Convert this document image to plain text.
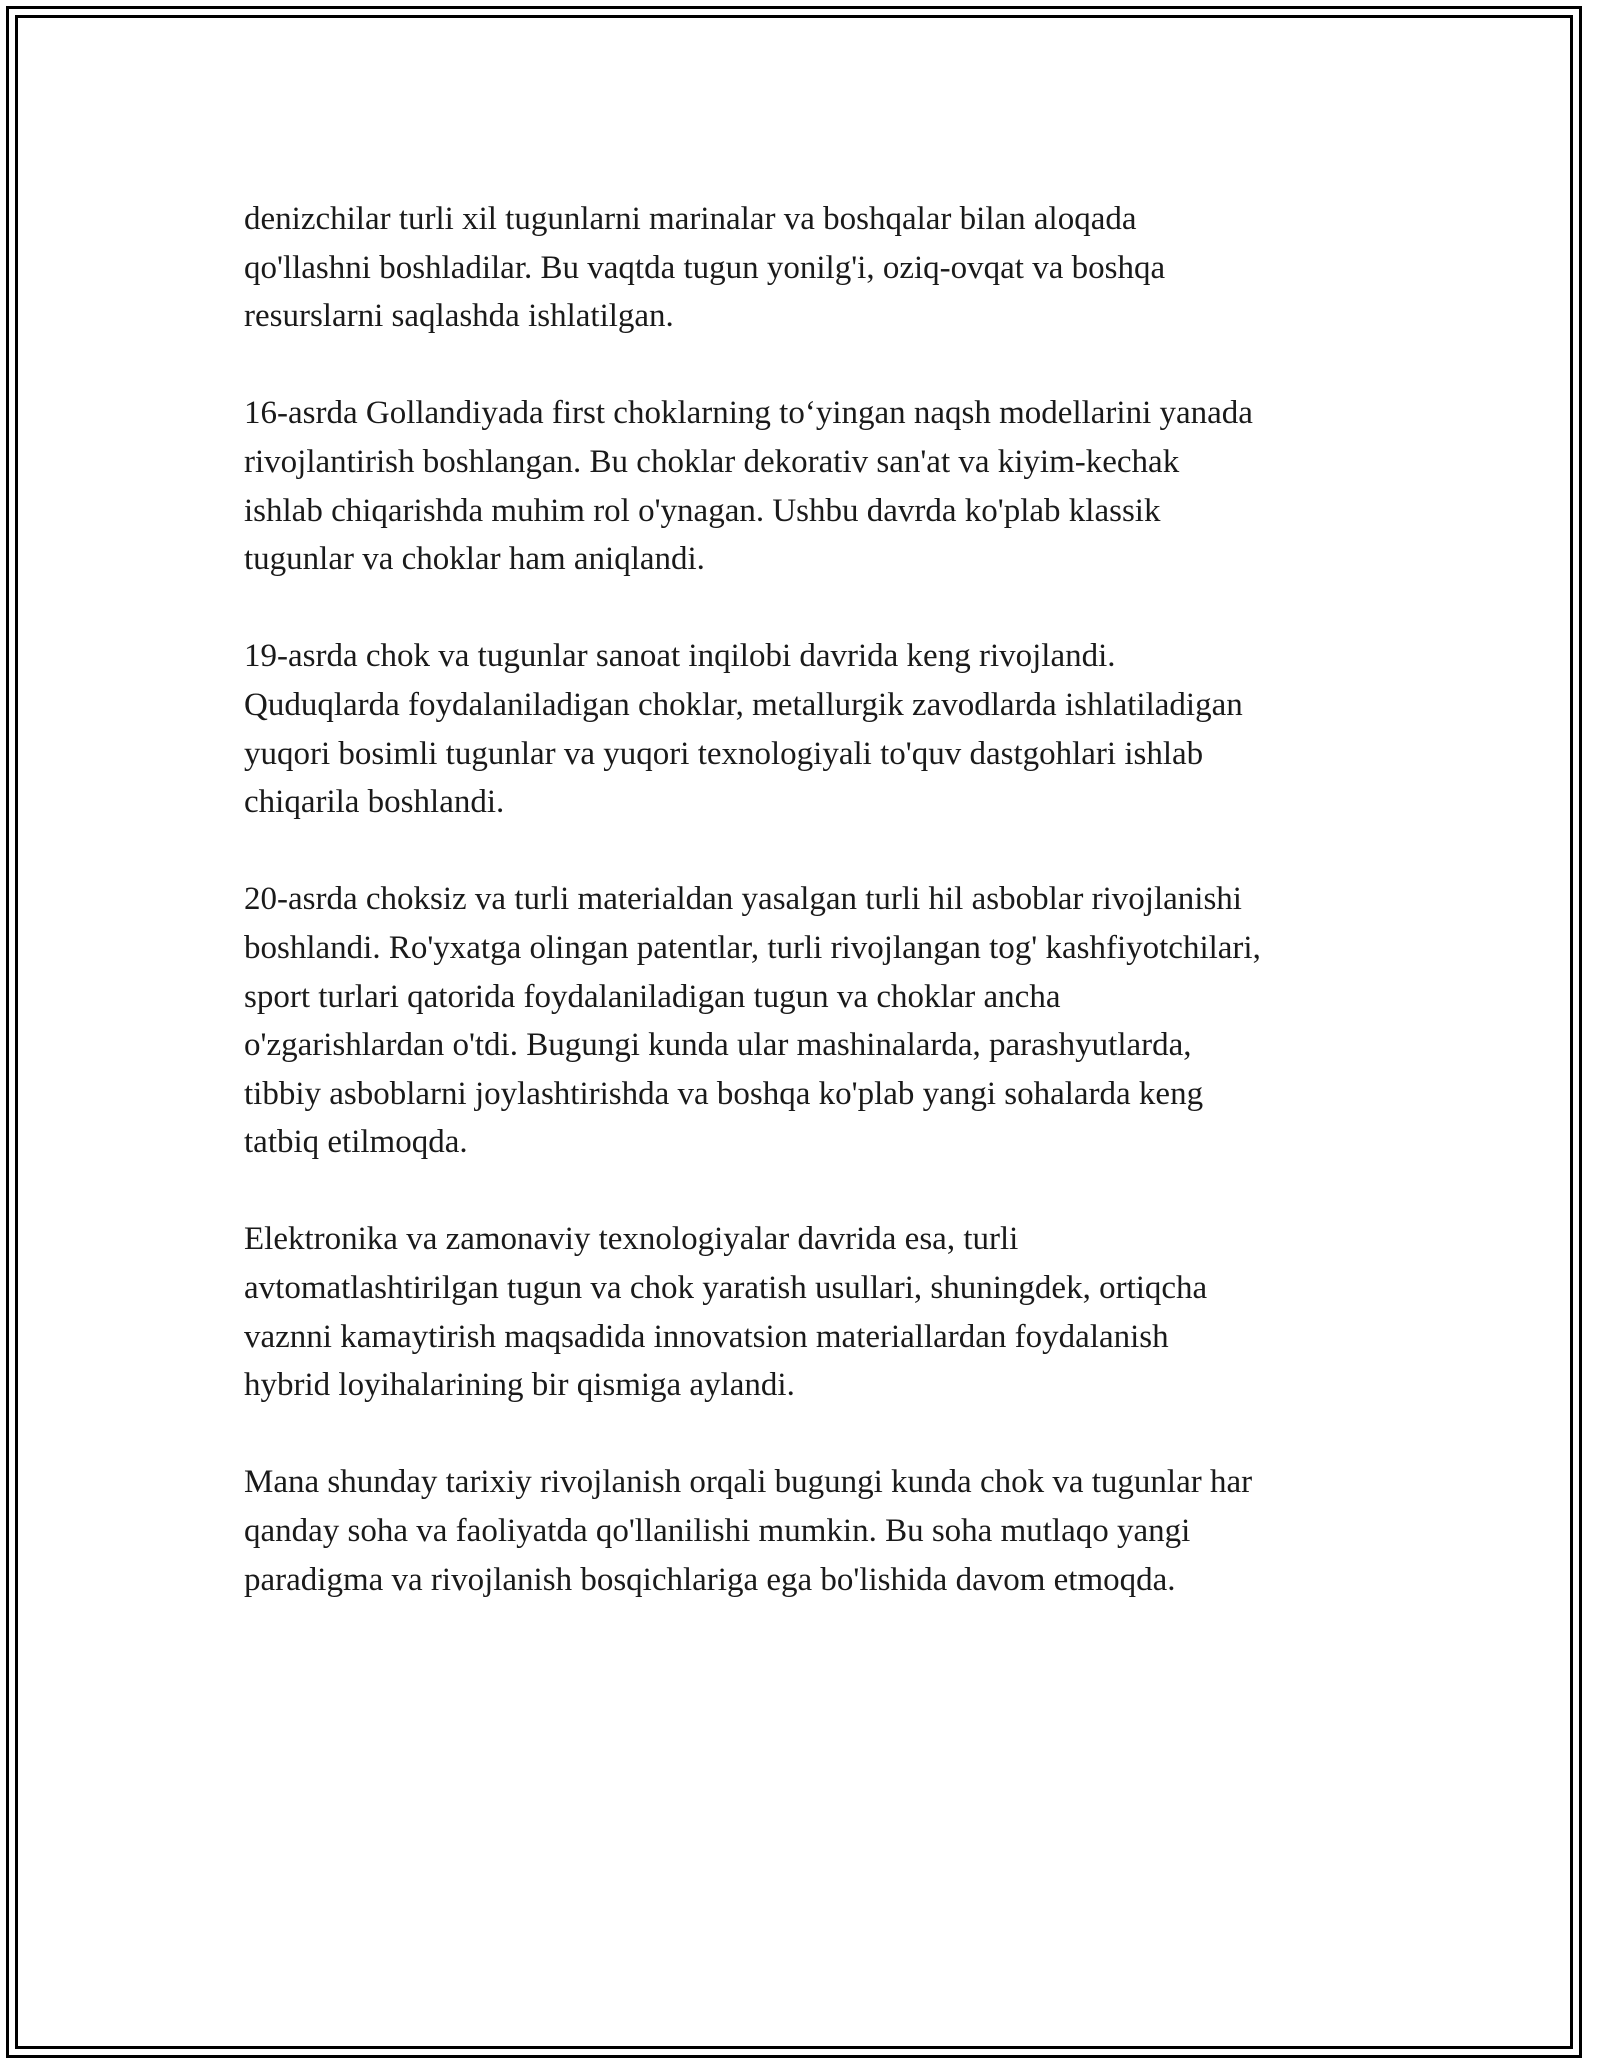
denizchilar turli xil tugunlarni marinalar va boshqalar bilan aloqada
qo'llashni boshladilar. Bu vaqtda tugun yonilg'i, oziq-ovqat va boshqa
resurslarni saqlashda ishlatilgan.

16-asrda Gollandiyada first choklarning to‘yingan naqsh modellarini yanada
rivojlantirish boshlangan. Bu choklar dekorativ san'at va kiyim-kechak
ishlab chiqarishda muhim rol o'ynagan. Ushbu davrda ko'plab klassik
tugunlar va choklar ham aniqlandi.

19-asrda chok va tugunlar sanoat inqilobi davrida keng rivojlandi.
Quduqlarda foydalaniladigan choklar, metallurgik zavodlarda ishlatiladigan
yuqori bosimli tugunlar va yuqori texnologiyali to'quv dastgohlari ishlab
chiqarila boshlandi.

20-asrda choksiz va turli materialdan yasalgan turli hil asboblar rivojlanishi
boshlandi. Ro'yxatga olingan patentlar, turli rivojlangan tog' kashfiyotchilari,
sport turlari qatorida foydalaniladigan tugun va choklar ancha
o'zgarishlardan o'tdi. Bugungi kunda ular mashinalarda, parashyutlarda,
tibbiy asboblarni joylashtirishda va boshqa ko'plab yangi sohalarda keng
tatbiq etilmoqda.

Elektronika va zamonaviy texnologiyalar davrida esa, turli
avtomatlashtirilgan tugun va chok yaratish usullari, shuningdek, ortiqcha
vaznni kamaytirish maqsadida innovatsion materiallardan foydalanish
hybrid loyihalarining bir qismiga aylandi.

Mana shunday tarixiy rivojlanish orqali bugungi kunda chok va tugunlar har
qanday soha va faoliyatda qo'llanilishi mumkin. Bu soha mutlaqo yangi
paradigma va rivojlanish bosqichlariga ega bo'lishida davom etmoqda.
